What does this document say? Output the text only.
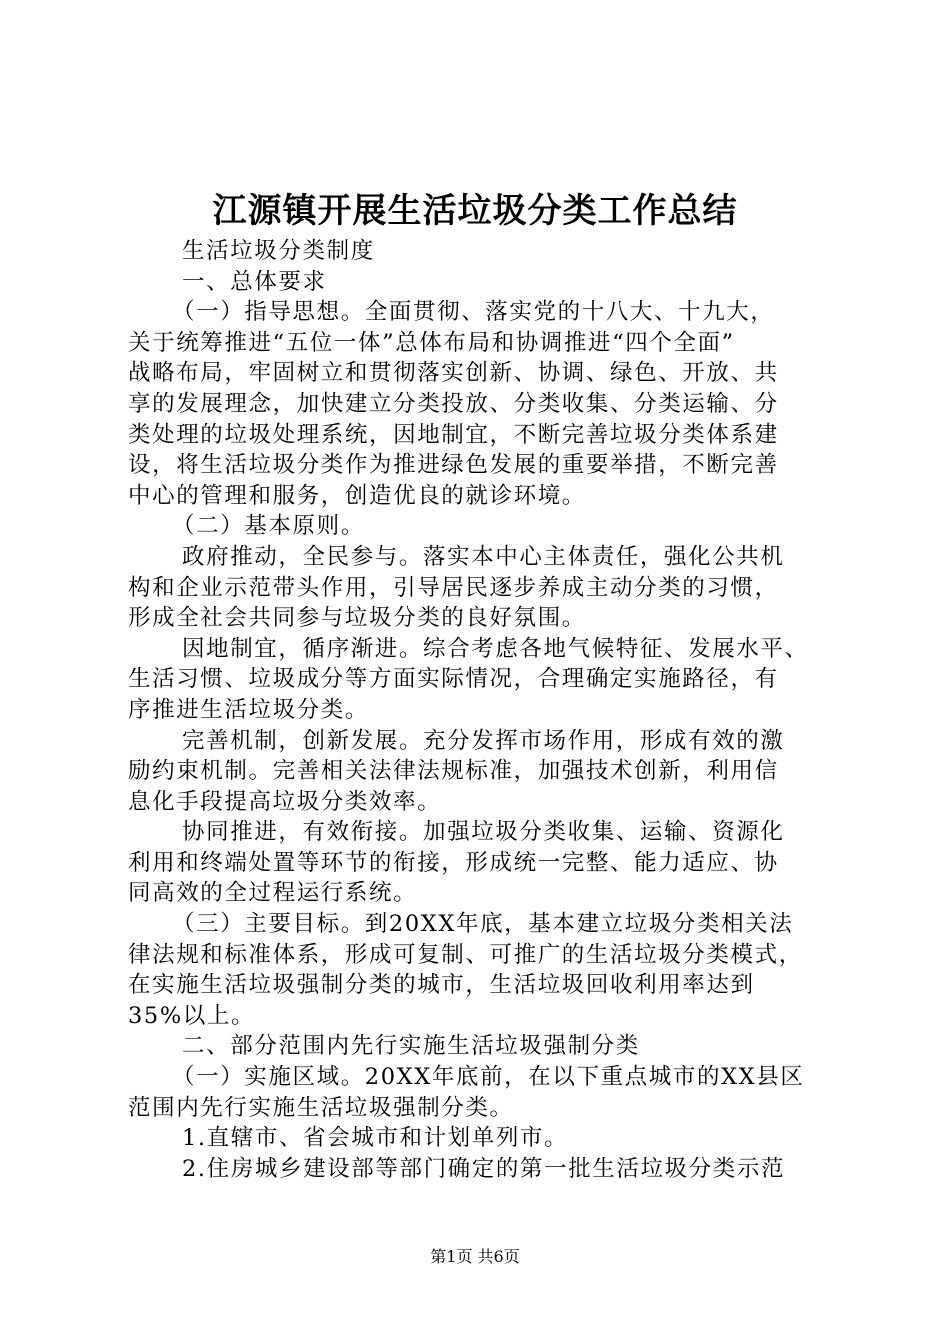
江源镇开展生活垃圾分类工作总结
生活垃圾分类制度
一、总体要求
（一）指导思想。全面贯彻、落实党的十八大、十九大，
关于统筹推进“五位一体”总体布局和协调推进“四个全面”
战略布局，牢固树立和贯彻落实创新、协调、绿色、开放、共
享的发展理念，加快建立分类投放、分类收集、分类运输、分
类处理的垃圾处理系统，因地制宜，不断完善垃圾分类体系建
设，将生活垃圾分类作为推进绿色发展的重要举措，不断完善
中心的管理和服务，创造优良的就诊环境。
（二）基本原则。
政府推动，全民参与。落实本中心主体责任，强化公共机
构和企业示范带头作用，引导居民逐步养成主动分类的习惯，
形成全社会共同参与垃圾分类的良好氛围。
因地制宜，循序渐进。综合考虑各地气候特征、发展水平、
生活习惯、垃圾成分等方面实际情况，合理确定实施路径，有
序推进生活垃圾分类。
完善机制，创新发展。充分发挥市场作用，形成有效的激
励约束机制。完善相关法律法规标准，加强技术创新，利用信
息化手段提高垃圾分类效率。
协同推进，有效衔接。加强垃圾分类收集、运输、资源化
利用和终端处置等环节的衔接，形成统一完整、能力适应、协
同高效的全过程运行系统。
（三）主要目标。到20XX年底，基本建立垃圾分类相关法
律法规和标准体系，形成可复制、可推广的生活垃圾分类模式，
在实施生活垃圾强制分类的城市，生活垃圾回收利用率达到
35%以上。
二、部分范围内先行实施生活垃圾强制分类
（一）实施区域。20XX年底前，在以下重点城市的XX县区
范围内先行实施生活垃圾强制分类。
1.直辖市、省会城市和计划单列市。
2.住房城乡建设部等部门确定的第一批生活垃圾分类示范
第1页 共6页
